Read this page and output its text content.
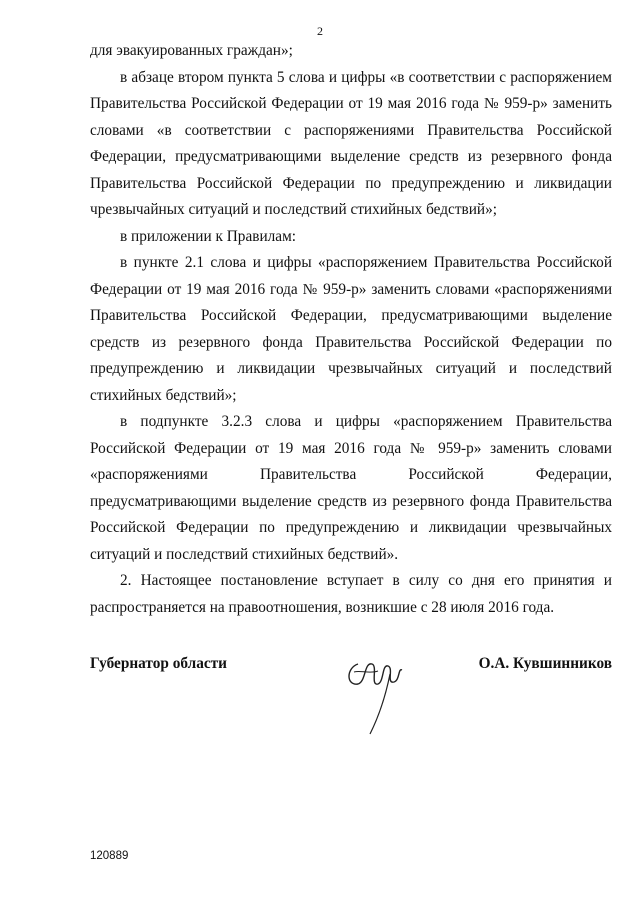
2

для эвакуированных граждан»;

в абзаце втором пункта 5 слова и цифры «в соответствии с распоряжением Правительства Российской Федерации от 19 мая 2016 года № 959-р» заменить словами «в соответствии с распоряжениями Правительства Российской Федерации, предусматривающими выделение средств из резервного фонда Правительства Российской Федерации по предупреждению и ликвидации чрезвычайных ситуаций и последствий стихийных бедствий»;

в приложении к Правилам:

в пункте 2.1 слова и цифры «распоряжением Правительства Российской Федерации от 19 мая 2016 года № 959-р» заменить словами «распоряжениями Правительства Российской Федерации, предусматривающими выделение средств из резервного фонда Правительства Российской Федерации по предупреждению и ликвидации чрезвычайных ситуаций и последствий стихийных бедствий»;

в подпункте 3.2.3 слова и цифры «распоряжением Правительства Российской Федерации от 19 мая 2016 года № 959-р» заменить словами «распоряжениями Правительства Российской Федерации, предусматривающими выделение средств из резервного фонда Правительства Российской Федерации по предупреждению и ликвидации чрезвычайных ситуаций и последствий стихийных бедствий».

2. Настоящее постановление вступает в силу со дня его принятия и распространяется на правоотношения, возникшие с 28 июля 2016 года.

Губернатор области	О.А. Кувшинников
120889
